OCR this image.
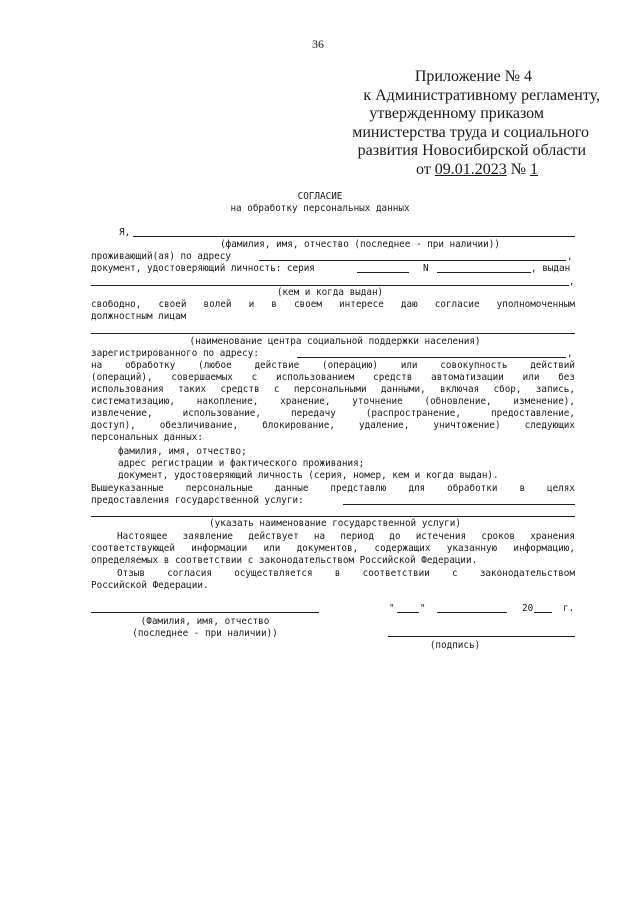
36
Приложение № 4
к Административному регламенту,
утвержденному приказом
министерства труда и социального
развития Новосибирской области
от 09.01.2023 № 1
СОГЛАСИЕ
на обработку персональных данных
Я,
(фамилия, имя, отчество (последнее - при наличии))
проживающий(ая) по адресу	,
документ, удостоверяющий личность: серия	N	, выдан
,
(кем и когда выдан)
свободно, своей волей и в своем интересе даю согласие уполномоченным
должностным лицам
(наименование центра социальной поддержки населения)
зарегистрированного по адресу:	,
на обработку (любое действие (операцию) или совокупность действий
(операций), совершаемых с использованием средств автоматизации или без
использования таких средств с персональными данными, включая сбор, запись,
систематизацию, накопление, хранение, уточнение (обновление, изменение),
извлечение, использование, передачу (распространение, предоставление,
доступ), обезличивание, блокирование, удаление, уничтожение) следующих
персональных данных:
фамилия, имя, отчество;
адрес регистрации и фактического проживания;
документ, удостоверяющий личность (серия, номер, кем и когда выдан).
Вышеуказанные персональные данные представлю для обработки в целях
предоставления государственной услуги:
(указать наименование государственной услуги)
Настоящее заявление действует на период до истечения сроков хранения
соответствующей информации или документов, содержащих указанную информацию,
определяемых в соответствии с законодательством Российской Федерации.
Отзыв согласия осуществляется в соответствии с законодательством
Российской Федерации.
(Фамилия, имя, отчество
(последнее - при наличии))
"	"	20	г.
(подпись)
